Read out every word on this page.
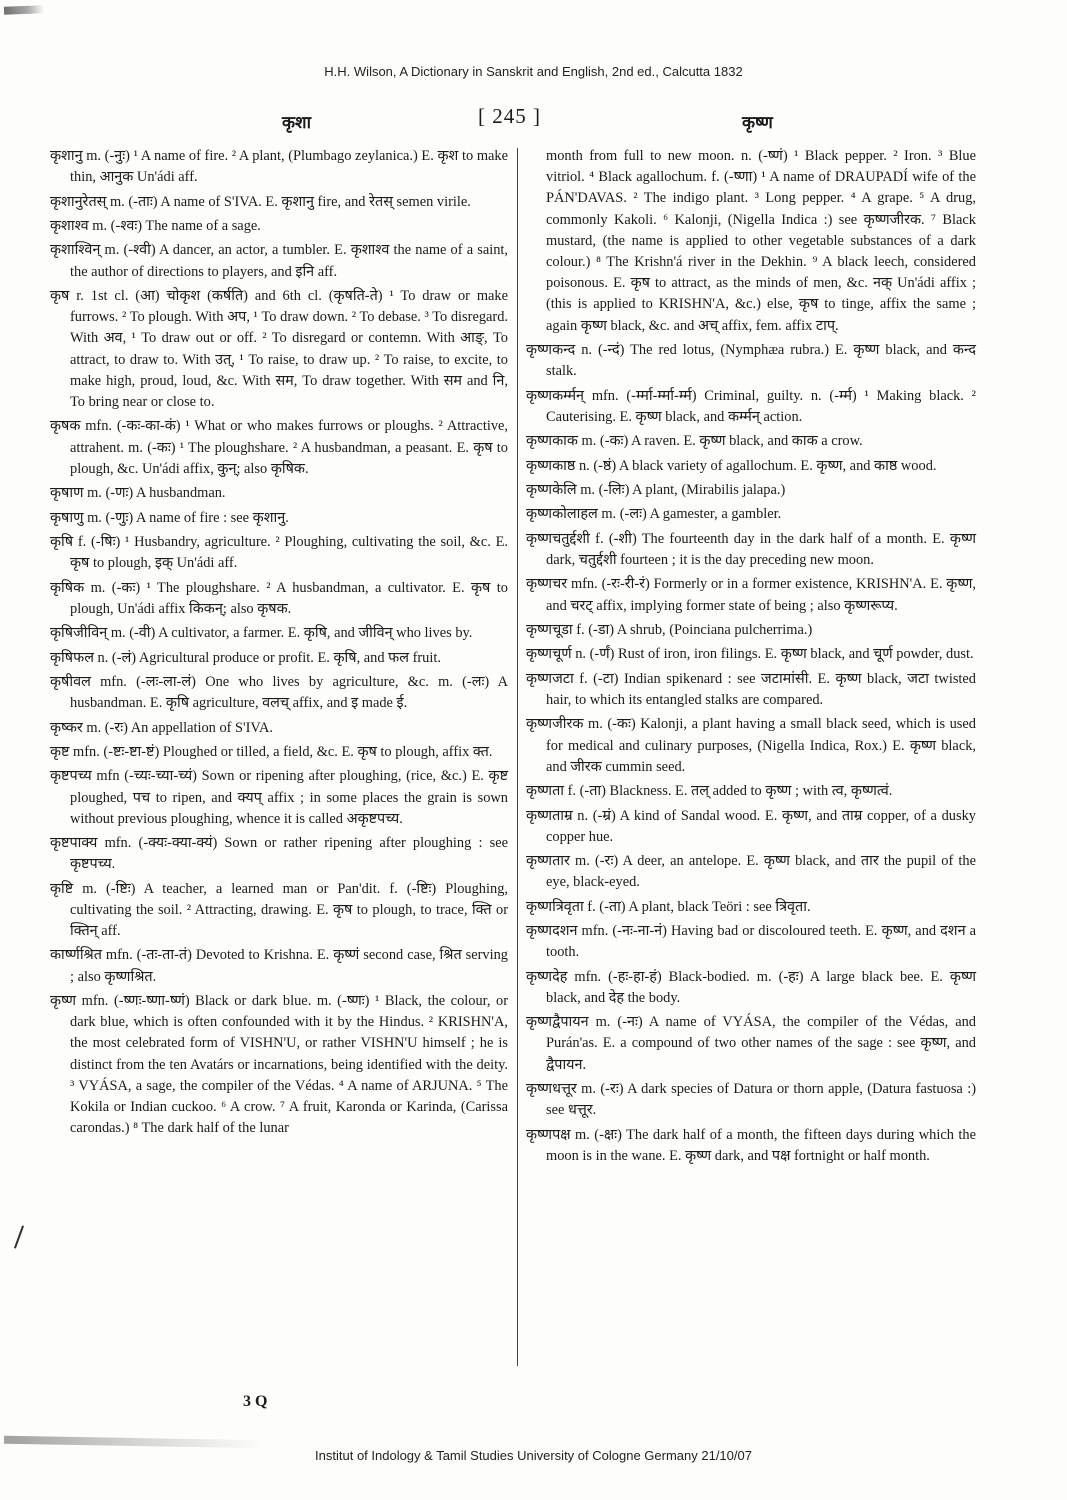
H.H. Wilson, A Dictionary in Sanskrit and English, 2nd ed., Calcutta 1832
कृशा	[ 245 ]	कृष्ण

कृशानु m. (-नुः) ¹ A name of fire. ² A plant, (Plumbago zeylanica.) E. कृश to make thin, आनुक Un'ádi aff.

कृशानुरेतस् m. (-ताः) A name of S'IVA. E. कृशानु fire, and रेतस् semen virile.

कृशाश्व m. (-श्वः) The name of a sage.

कृशाश्विन् m. (-श्वी) A dancer, an actor, a tumbler. E. कृशाश्व the name of a saint, the author of directions to players, and इनि aff.

कृष r. 1st cl. (आ) चोकृश (कर्षति) and 6th cl. (कृषति-ते) ¹ To draw or make furrows. ² To plough. With अप, ¹ To draw down. ² To debase. ³ To disregard. With अव, ¹ To draw out or off. ² To disregard or contemn. With आङ्, To attract, to draw to. With उत्, ¹ To raise, to draw up. ² To raise, to excite, to make high, proud, loud, &c. With सम, To draw together. With सम and नि, To bring near or close to.

कृषक mfn. (-कः-का-कं) ¹ What or who makes furrows or ploughs. ² Attractive, attrahent. m. (-कः) ¹ The ploughshare. ² A husbandman, a peasant. E. कृष to plough, &c. Un'ádi affix, कुन्; also कृषिक.

कृषाण m. (-णः) A husbandman.

कृषाणु m. (-णुः) A name of fire : see कृशानु.

कृषि f. (-षिः) ¹ Husbandry, agriculture. ² Ploughing, cultivating the soil, &c. E. कृष to plough, इक् Un'ádi aff.

कृषिक m. (-कः) ¹ The ploughshare. ² A husbandman, a cultivator. E. कृष to plough, Un'ádi affix किकन्; also कृषक.

कृषिजीविन् m. (-वी) A cultivator, a farmer. E. कृषि, and जीविन् who lives by.

कृषिफल n. (-लं) Agricultural produce or profit. E. कृषि, and फल fruit.

कृषीवल mfn. (-लः-ला-लं) One who lives by agriculture, &c. m. (-लः) A husbandman. E. कृषि agriculture, वलच् affix, and इ made ई.

कृष्कर m. (-रः) An appellation of S'IVA.

कृष्ट mfn. (-ष्टः-ष्टा-ष्टं) Ploughed or tilled, a field, &c. E. कृष to plough, affix क्त.

कृष्टपच्य mfn (-च्यः-च्या-च्यं) Sown or ripening after ploughing, (rice, &c.) E. कृष्ट ploughed, पच to ripen, and क्यप् affix ; in some places the grain is sown without previous ploughing, whence it is called अकृष्टपच्य.

कृष्टपाक्य mfn. (-क्यः-क्या-क्यं) Sown or rather ripening after ploughing : see कृष्टपच्य.

कृष्टि m. (-ष्टिः) A teacher, a learned man or Pan'dit. f. (-ष्टिः) Ploughing, cultivating the soil. ² Attracting, drawing. E. कृष to plough, to trace, क्ति or क्तिन् aff.

कार्ष्णश्रित mfn. (-तः-ता-तं) Devoted to Krishna. E. कृष्णं second case, श्रित serving ; also कृष्णश्रित.

कृष्ण mfn. (-ष्णः-ष्णा-ष्णं) Black or dark blue. m. (-ष्णः) ¹ Black, the colour, or dark blue, which is often confounded with it by the Hindus. ² KRISHN'A, the most celebrated form of VISHN'U, or rather VISHN'U himself ; he is distinct from the ten Avatárs or incarnations, being identified with the deity. ³ VYÁSA, a sage, the compiler of the Védas. ⁴ A name of ARJUNA. ⁵ The Kokila or Indian cuckoo. ⁶ A crow. ⁷ A fruit, Karonda or Karinda, (Carissa carondas.) ⁸ The dark half of the lunar

month from full to new moon. n. (-ष्णं) ¹ Black pepper. ² Iron. ³ Blue vitriol. ⁴ Black agallochum. f. (-ष्णा) ¹ A name of DRAUPADÍ wife of the PÁN'DAVAS. ² The indigo plant. ³ Long pepper. ⁴ A grape. ⁵ A drug, commonly Kakoli. ⁶ Kalonji, (Nigella Indica :) see कृष्णजीरक. ⁷ Black mustard, (the name is applied to other vegetable substances of a dark colour.) ⁸ The Krishn'á river in the Dekhin. ⁹ A black leech, considered poisonous. E. कृष to attract, as the minds of men, &c. नक् Un'ádi affix ; (this is applied to KRISHN'A, &c.) else, कृष to tinge, affix the same ; again कृष्ण black, &c. and अच् affix, fem. affix टाप्.

कृष्णकन्द n. (-न्दं) The red lotus, (Nymphæa rubra.) E. कृष्ण black, and कन्द stalk.

कृष्णकर्म्मन् mfn. (-र्म्मा-र्म्मा-र्म्म) Criminal, guilty. n. (-र्म्म) ¹ Making black. ² Cauterising. E. कृष्ण black, and कर्म्मन् action.

कृष्णकाक m. (-कः) A raven. E. कृष्ण black, and काक a crow.

कृष्णकाष्ठ n. (-ष्ठं) A black variety of agallochum. E. कृष्ण, and काष्ठ wood.

कृष्णकेलि m. (-लिः) A plant, (Mirabilis jalapa.)

कृष्णकोलाहल m. (-लः) A gamester, a gambler.

कृष्णचतुर्द्दशी f. (-शी) The fourteenth day in the dark half of a month. E. कृष्ण dark, चतुर्द्दशी fourteen ; it is the day preceding new moon.

कृष्णचर mfn. (-रः-री-रं) Formerly or in a former existence, KRISHN'A. E. कृष्ण, and चरट् affix, implying former state of being ; also कृष्णरूप्य.

कृष्णचूडा f. (-डा) A shrub, (Poinciana pulcherrima.)

कृष्णचूर्ण n. (-र्णं) Rust of iron, iron filings. E. कृष्ण black, and चूर्ण powder, dust.

कृष्णजटा f. (-टा) Indian spikenard : see जटामांसी. E. कृष्ण black, जटा twisted hair, to which its entangled stalks are compared.

कृष्णजीरक m. (-कः) Kalonji, a plant having a small black seed, which is used for medical and culinary purposes, (Nigella Indica, Rox.) E. कृष्ण black, and जीरक cummin seed.

कृष्णता f. (-ता) Blackness. E. तल् added to कृष्ण ; with त्व, कृष्णत्वं.

कृष्णताम्र n. (-म्रं) A kind of Sandal wood. E. कृष्ण, and ताम्र copper, of a dusky copper hue.

कृष्णतार m. (-रः) A deer, an antelope. E. कृष्ण black, and तार the pupil of the eye, black-eyed.

कृष्णत्रिवृता f. (-ता) A plant, black Teöri : see त्रिवृता.

कृष्णदशन mfn. (-नः-ना-नं) Having bad or discoloured teeth. E. कृष्ण, and दशन a tooth.

कृष्णदेह mfn. (-हः-हा-हं) Black-bodied. m. (-हः) A large black bee. E. कृष्ण black, and देह the body.

कृष्णद्वैपायन m. (-नः) A name of VYÁSA, the compiler of the Védas, and Purán'as. E. a compound of two other names of the sage : see कृष्ण, and द्वैपायन.

कृष्णधत्तूर m. (-रः) A dark species of Datura or thorn apple, (Datura fastuosa :) see धत्तूर.

कृष्णपक्ष m. (-क्षः) The dark half of a month, the fifteen days during which the moon is in the wane. E. कृष्ण dark, and पक्ष fortnight or half month.

3 Q
Institut of Indology & Tamil Studies University of Cologne Germany 21/10/07
